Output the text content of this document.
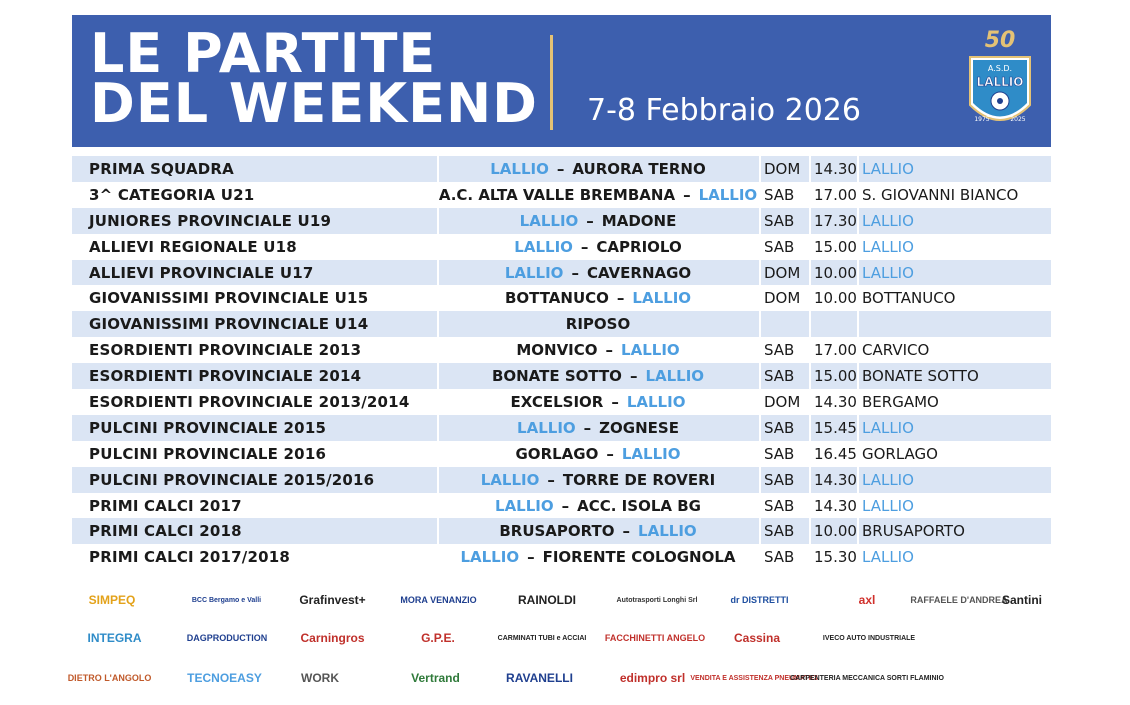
LE PARTITE
DEL WEEKEND 7-8 Febbraio 2026
50
A.S.D.
LALLIO
1975	2025
PRIMA SQUADRA	LALLIO – AURORA TERNO	DOM 14.30 LALLIO
3^ CATEGORIA U21	A.C. ALTA VALLE BREMBANA – LALLIO SAB 17.00 S. GIOVANNI BIANCO
JUNIORES PROVINCIALE U19	LALLIO – MADONE	SAB 17.30 LALLIO
ALLIEVI REGIONALE U18	LALLIO – CAPRIOLO	SAB 15.00 LALLIO
ALLIEVI PROVINCIALE U17	LALLIO – CAVERNAGO	DOM 10.00 LALLIO
GIOVANISSIMI PROVINCIALE U15	BOTTANUCO – LALLIO	DOM 10.00 BOTTANUCO
GIOVANISSIMI PROVINCIALE U14	RIPOSO
ESORDIENTI PROVINCIALE 2013	MONVICO – LALLIO	SAB 17.00 CARVICO
ESORDIENTI PROVINCIALE 2014	BONATE SOTTO – LALLIO	SAB 15.00 BONATE SOTTO
ESORDIENTI PROVINCIALE 2013/2014	EXCELSIOR – LALLIO	DOM 14.30 BERGAMO
PULCINI PROVINCIALE 2015	LALLIO – ZOGNESE	SAB 15.45 LALLIO
PULCINI PROVINCIALE 2016	GORLAGO – LALLIO	SAB 16.45 GORLAGO
PULCINI PROVINCIALE 2015/2016	LALLIO – TORRE DE ROVERI	SAB 14.30 LALLIO
PRIMI CALCI 2017	LALLIO – ACC. ISOLA BG	SAB 14.30 LALLIO
PRIMI CALCI 2018	BRUSAPORTO – LALLIO	SAB 10.00 BRUSAPORTO
PRIMI CALCI 2017/2018	LALLIO – FIORENTE COLOGNOLA	SAB 15.30 LALLIO
SIMPEQ	BCC Bergamo e Valli	Grafinvest+	MORA VENANZIO	RAINOLDI	Autotrasporti Longhi Srl	dr DISTRETTI	axl	RAFFAELE D'ANDREA
Santini
INTEGRA	DAGPRODUCTION	Carningros	G.P.E.	CARMINATI TUBI e ACCIAI FACCHINETTI ANGELO	Cassina	IVECO AUTO INDUSTRIALE
DIETRO L'ANGOLO	TECNOEASY	WORK	Vertrand	RAVANELLI	edimpro srl VENDITA E ASSISTENZA PNEUMATICI
CARPENTERIA MECCANICA SORTI FLAMINIO
